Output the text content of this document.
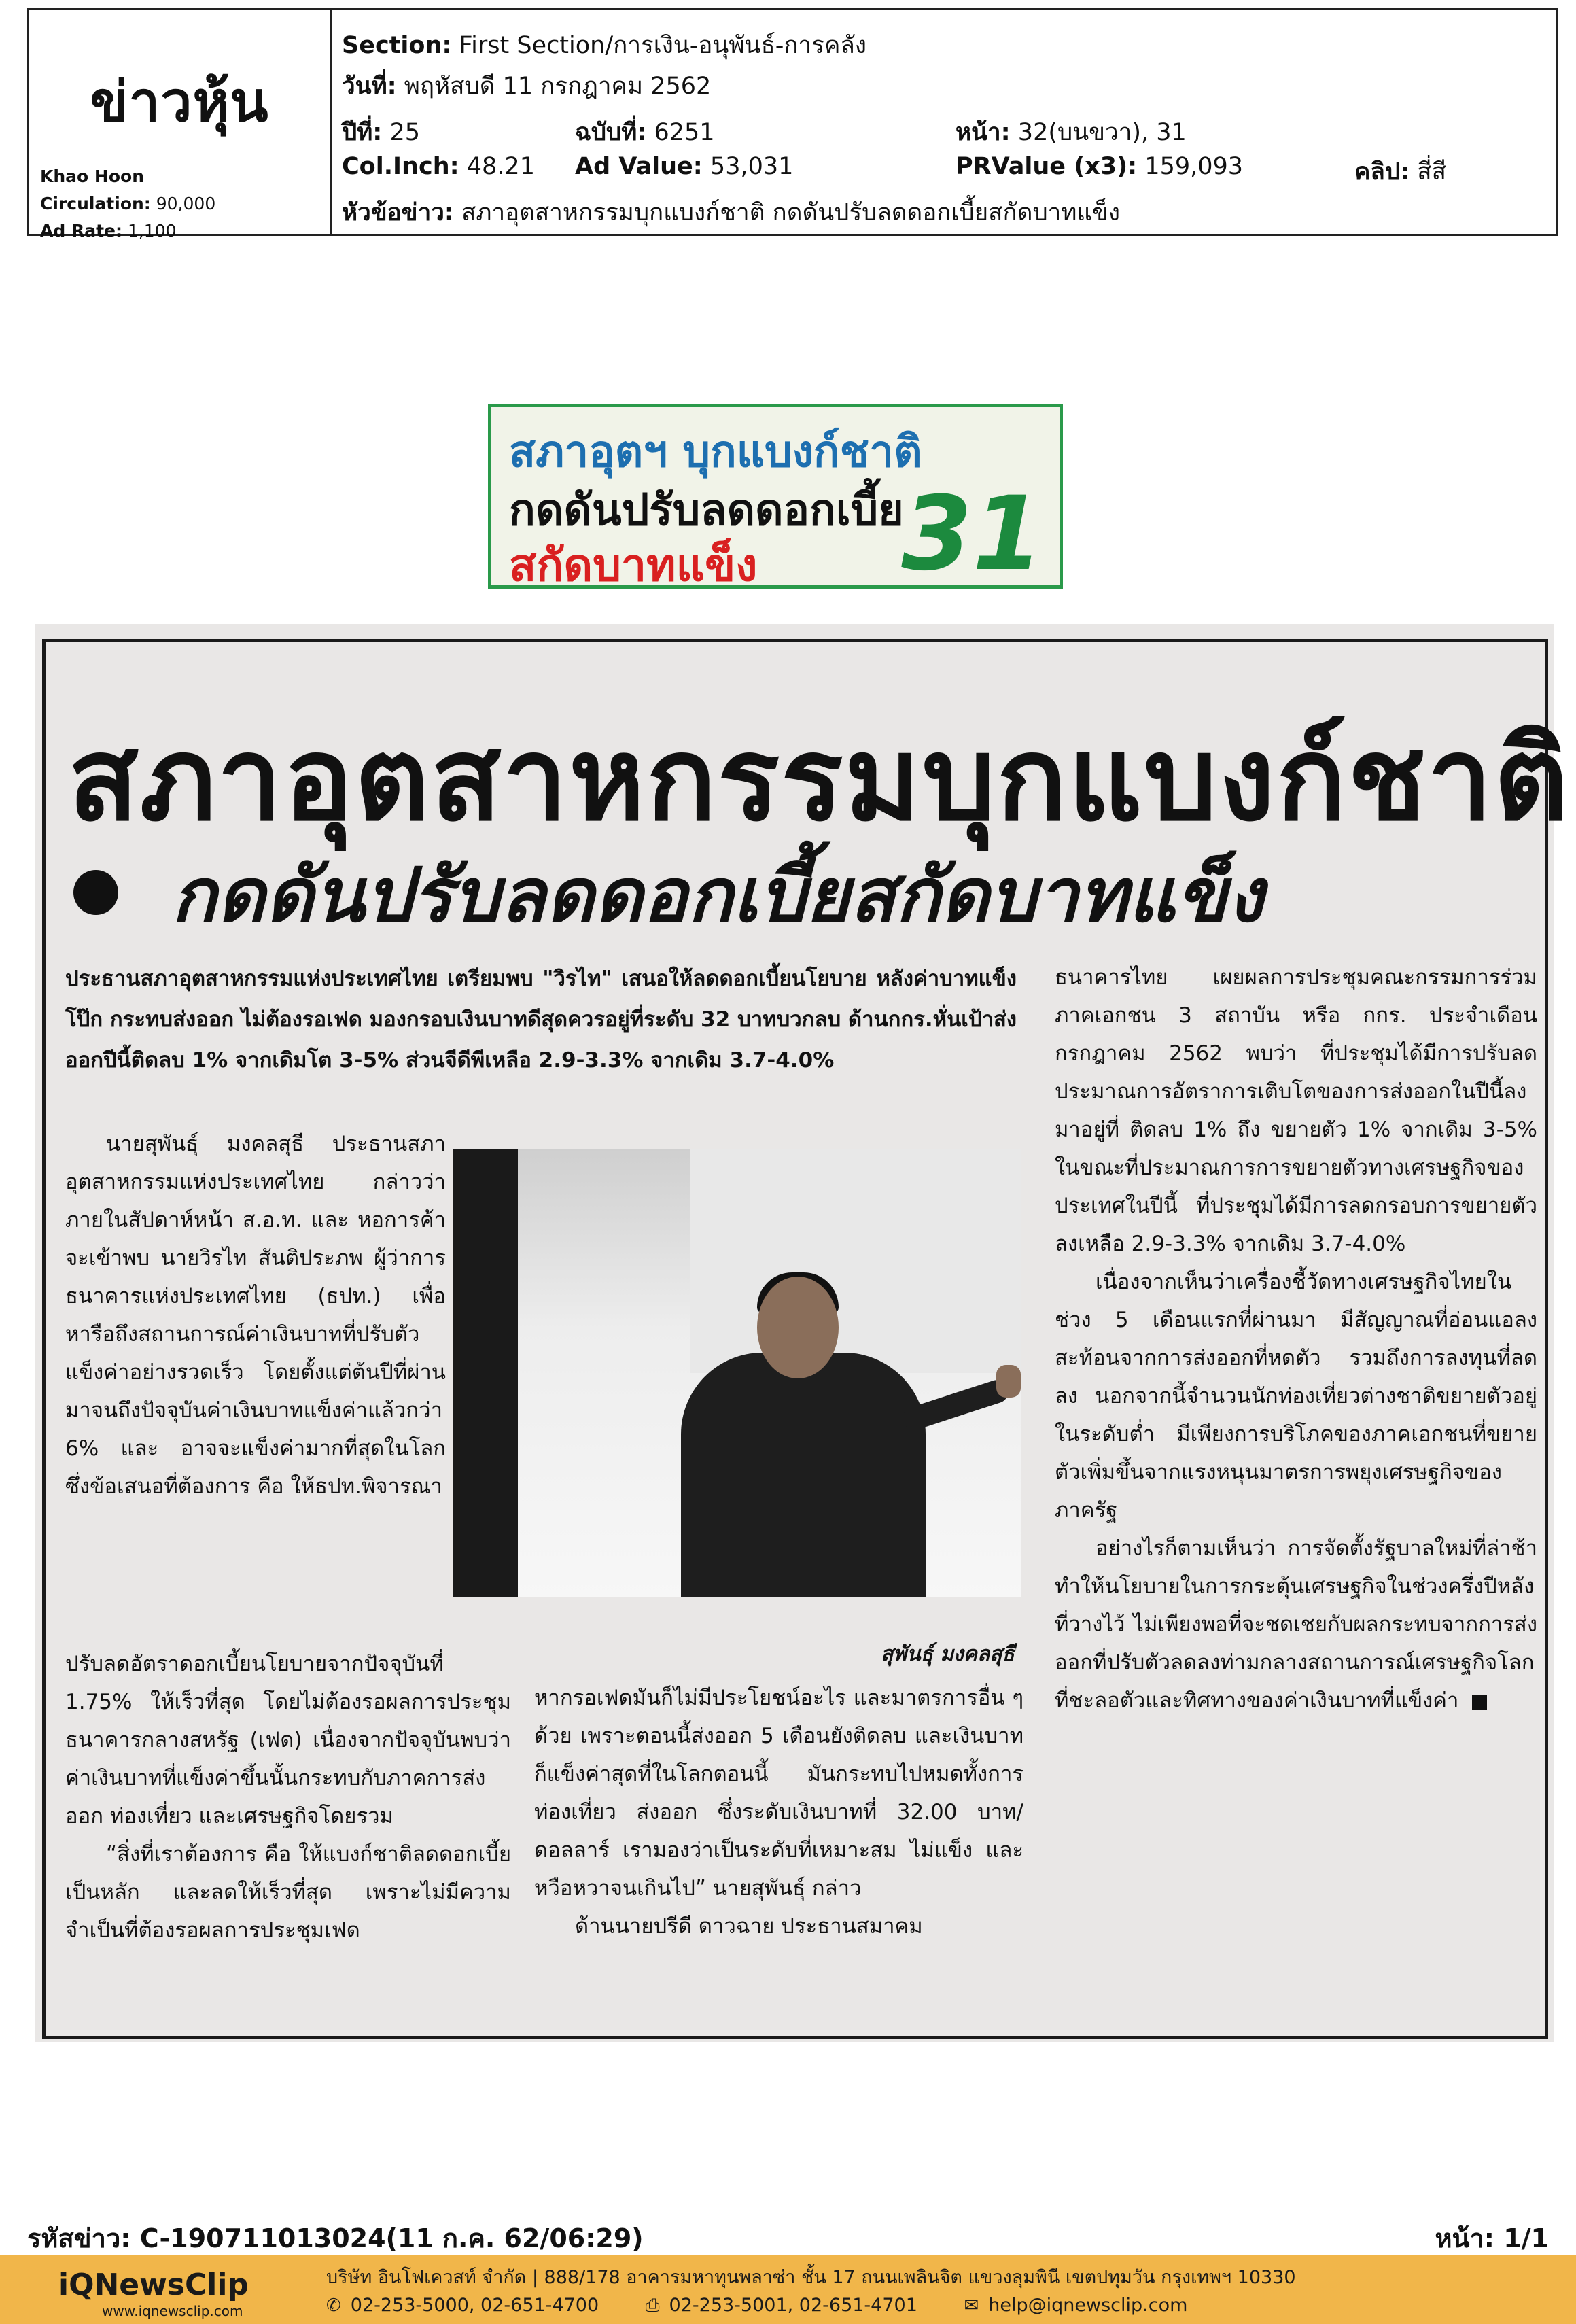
ข่าวหุ้น
Khao Hoon
Circulation: 90,000
Ad Rate: 1,100
Section: First Section/การเงิน-อนุพันธ์-การคลัง
วันที่: พฤหัสบดี 11 กรกฎาคม 2562
ปีที่: 25	ฉบับที่: 6251	หน้า: 32(บนขวา), 31
Col.Inch: 48.21 Ad Value: 53,031	PRValue (x3): 159,093	คลิป: สี่สี
หัวข้อข่าว: สภาอุตสาหกรรมบุกแบงก์ชาติ กดดันปรับลดดอกเบี้ยสกัดบาทแข็ง
สภาอุตฯ บุกแบงก์ชาติ
กดดันปรับลดดอกเบี้ย
สกัดบาทแข็ง 31
สภาอุตสาหกรรมบุกแบงก์ชาติ
กดดันปรับลดดอกเบี้ยสกัดบาทแข็ง

ประธานสภาอุตสาหกรรมแห่งประเทศไทย เตรียมพบ "วิรไท" เสนอให้ลดดอกเบี้ยนโยบาย หลังค่าบาทแข็งโป๊ก กระทบส่งออก ไม่ต้องรอเฟด มองกรอบเงินบาทดีสุดควรอยู่ที่ระดับ 32 บาทบวกลบ ด้านกกร.หั่นเป้าส่งออกปีนี้ติดลบ 1% จากเดิมโต 3-5% ส่วนจีดีพีเหลือ 2.9-3.3% จากเดิม 3.7-4.0%

นายสุพันธุ์ มงคลสุธี ประธานสภาอุตสาหกรรมแห่งประเทศไทย กล่าวว่า ภายในสัปดาห์หน้า ส.อ.ท. และ หอการค้า จะเข้าพบ นายวิรไท สันติประภพ ผู้ว่าการ ธนาคารแห่งประเทศไทย (ธปท.) เพื่อหารือถึงสถานการณ์ค่าเงินบาทที่ปรับตัวแข็งค่าอย่างรวดเร็ว โดยตั้งแต่ต้นปีที่ผ่านมาจนถึงปัจจุบันค่าเงินบาทแข็งค่าแล้วกว่า 6% และ อาจจะแข็งค่ามากที่สุดในโลก ซึ่งข้อเสนอที่ต้องการ คือ ให้ธปท.พิจารณา

สุพันธุ์ มงคลสุธี

ปรับลดอัตราดอกเบี้ยนโยบายจากปัจจุบันที่ 1.75% ให้เร็วที่สุด โดยไม่ต้องรอผลการประชุมธนาคารกลางสหรัฐ (เฟด) เนื่องจากปัจจุบันพบว่า ค่าเงินบาทที่แข็งค่าขึ้นนั้นกระทบกับภาคการส่งออก ท่องเที่ยว และเศรษฐกิจโดยรวม

“สิ่งที่เราต้องการ คือ ให้แบงก์ชาติลดดอกเบี้ยเป็นหลัก และลดให้เร็วที่สุด เพราะไม่มีความจำเป็นที่ต้องรอผลการประชุมเฟด

หากรอเฟดมันก็ไม่มีประโยชน์อะไร และมาตรการอื่น ๆ ด้วย เพราะตอนนี้ส่งออก 5 เดือนยังติดลบ และเงินบาทก็แข็งค่าสุดที่ในโลกตอนนี้ มันกระทบไปหมดทั้งการท่องเที่ยว ส่งออก ซึ่งระดับเงินบาทที่ 32.00 บาท/ดอลลาร์ เรามองว่าเป็นระดับที่เหมาะสม ไม่แข็ง และ หวือหวาจนเกินไป” นายสุพันธุ์ กล่าว

ด้านนายปรีดี ดาวฉาย ประธานสมาคม

ธนาคารไทย เผยผลการประชุมคณะกรรมการร่วมภาคเอกชน 3 สถาบัน หรือ กกร. ประจำเดือนกรกฎาคม 2562 พบว่า ที่ประชุมได้มีการปรับลดประมาณการอัตราการเติบโตของการส่งออกในปีนี้ลงมาอยู่ที่ ติดลบ 1% ถึง ขยายตัว 1% จากเดิม 3-5% ในขณะที่ประมาณการการขยายตัวทางเศรษฐกิจของประเทศในปีนี้ ที่ประชุมได้มีการลดกรอบการขยายตัวลงเหลือ 2.9-3.3% จากเดิม 3.7-4.0%

เนื่องจากเห็นว่าเครื่องชี้วัดทางเศรษฐกิจไทยในช่วง 5 เดือนแรกที่ผ่านมา มีสัญญาณที่อ่อนแอลงสะท้อนจากการส่งออกที่หดตัว รวมถึงการลงทุนที่ลดลง นอกจากนี้จำนวนนักท่องเที่ยวต่างชาติขยายตัวอยู่ในระดับต่ำ มีเพียงการบริโภคของภาคเอกชนที่ขยายตัวเพิ่มขึ้นจากแรงหนุนมาตรการพยุงเศรษฐกิจของภาครัฐ

อย่างไรก็ตามเห็นว่า การจัดตั้งรัฐบาลใหม่ที่ล่าช้าทำให้นโยบายในการกระตุ้นเศรษฐกิจในช่วงครึ่งปีหลังที่วางไว้ ไม่เพียงพอที่จะชดเชยกับผลกระทบจากการส่งออกที่ปรับตัวลดลงท่ามกลางสถานการณ์เศรษฐกิจโลกที่ชะลอตัวและทิศทางของค่าเงินบาทที่แข็งค่า

รหัสข่าว: C-190711013024(11 ก.ค. 62/06:29)	หน้า: 1/1
iQNewsClip
www.iqnewsclip.com
บริษัท อินโฟเควสท์ จำกัด | 888/178 อาคารมหาทุนพลาซ่า ชั้น 17 ถนนเพลินจิต แขวงลุมพินี เขตปทุมวัน กรุงเทพฯ 10330
✆ 02-253-5000, 02-651-4700	⎙ 02-253-5001, 02-651-4701	✉ help@iqnewsclip.com
